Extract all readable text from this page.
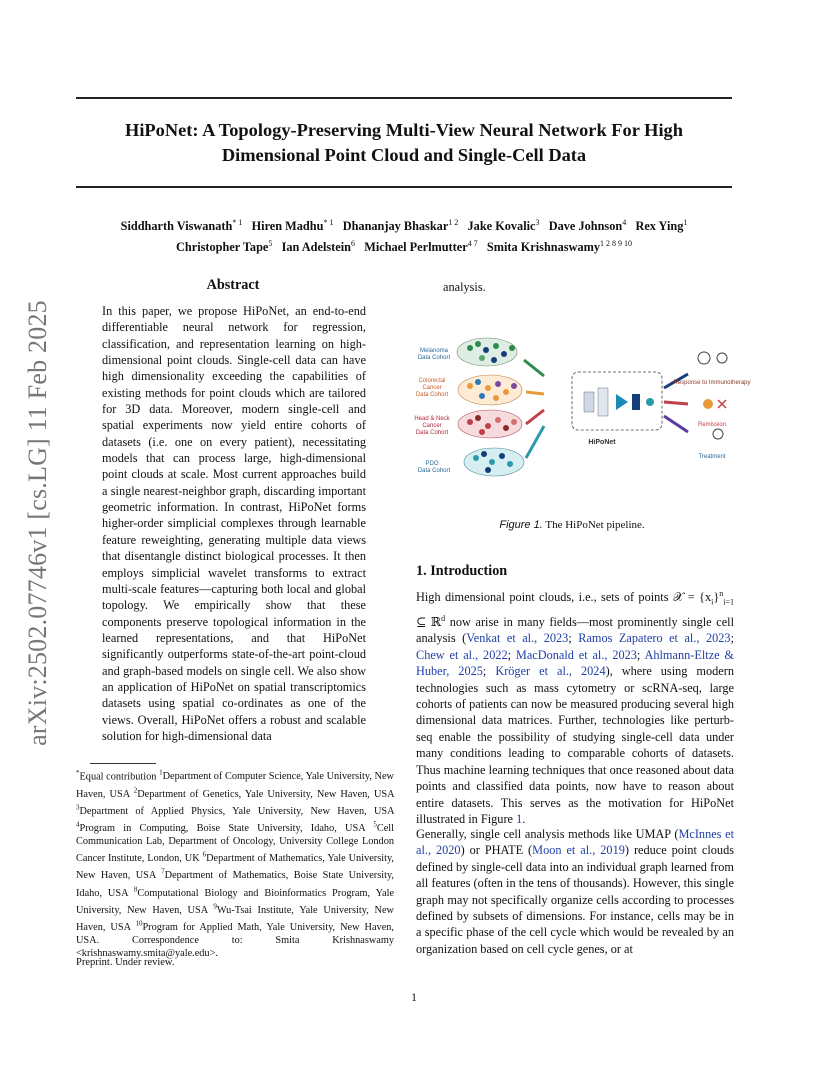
HiPoNet: A Topology-Preserving Multi-View Neural Network For High Dimensional Point Cloud and Single-Cell Data
Siddharth Viswanath$^{* 1}$ Hiren Madhu$^{* 1}$ Dhananjay Bhaskar$^{1 2}$ Jake Kovalic$^3$ Dave Johnson$^4$ Rex Ying$^1$
Christopher Tape$^5$ Ian Adelstein$^6$ Michael Perlmutter$^{4 7}$ Smita Krishnaswamy$^{1 2 8 9 10}$
arXiv:2502.07746v1 [cs.LG] 11 Feb 2025
Abstract
In this paper, we propose HiPoNet, an end-to-end differentiable neural network for regression, classification, and representation learning on high-dimensional point clouds. Single-cell data can have high dimensionality exceeding the capabilities of existing methods for point clouds which are tailored for 3D data. Moreover, modern single-cell and spatial experiments now yield entire cohorts of datasets (i.e. one on every patient), necessitating models that can process large, high-dimensional point clouds at scale. Most current approaches build a single nearest-neighbor graph, discarding important geometric information. In contrast, HiPoNet forms higher-order simplicial complexes through learnable feature reweighting, generating multiple data views that disentangle distinct biological processes. It then employs simplicial wavelet transforms to extract multi-scale features—capturing both local and global topology. We empirically show that these components preserve topological information in the learned representations, and that HiPoNet significantly outperforms state-of-the-art point-cloud and graph-based models on single cell. We also show an application of HiPoNet on spatial transcriptomics datasets using spatial co-ordinates as one of the views. Overall, HiPoNet offers a robust and scalable solution for high-dimensional data
*Equal contribution $^1$Department of Computer Science, Yale University, New Haven, USA $^2$Department of Genetics, Yale University, New Haven, USA $^3$Department of Applied Physics, Yale University, New Haven, USA $^4$Program in Computing, Boise State University, Idaho, USA $^5$Cell Communication Lab, Department of Oncology, University College London Cancer Institute, London, UK $^6$Department of Mathematics, Yale University, New Haven, USA $^7$Department of Mathematics, Boise State University, Idaho, USA $^8$Computational Biology and Bioinformatics Program, Yale University, New Haven, USA $^9$Wu-Tsai Institute, Yale University, New Haven, USA $^{10}$Program for Applied Math, Yale University, New Haven, USA.	Correspondence to: Smita Krishnaswamy <krishnaswamy.smita@yale.edu>.
Preprint. Under review.
1
analysis.
Melanoma Data Cohort
Colorectal Cancer Data Cohort
Head & Neck Cancer Data Cohort
PDO Data Cohort
HiPoNet
Response to Immunotherapy
Remission
Treatment
Figure 1. The HiPoNet pipeline.
1. Introduction
High dimensional point clouds, i.e., sets of points 𝒳 = $\{x_i\}^n_{i=1}$ ⊆ ℝ$^d$ now arise in many fields—most prominently single cell analysis (Venkat et al., 2023; Ramos Zapatero et al., 2023; Chew et al., 2022; MacDonald et al., 2023; Ahlmann-Eltze & Huber, 2025; Kröger et al., 2024), where using modern technologies such as mass cytometry or scRNA-seq, large cohorts of patients can now be measured producing several high dimensional data matrices. Further, technologies like perturb-seq enable the possibility of studying single-cell data under many conditions leading to comparable cohorts of datasets. Thus machine learning techniques that once reasoned about data points and classified data points, now have to reason about entire datasets. This serves as the motivation for HiPoNet illustrated in Figure 1.
Generally, single cell analysis methods like UMAP (McInnes et al., 2020) or PHATE (Moon et al., 2019) reduce point clouds defined by single-cell data into an individual graph learned from all features (often in the tens of thousands). However, this single graph may not specifically organize cells according to processes defined by subsets of dimensions. For instance, cells may be in a specific phase of the cell cycle which would be revealed by an organization based on cell cycle genes, or at
